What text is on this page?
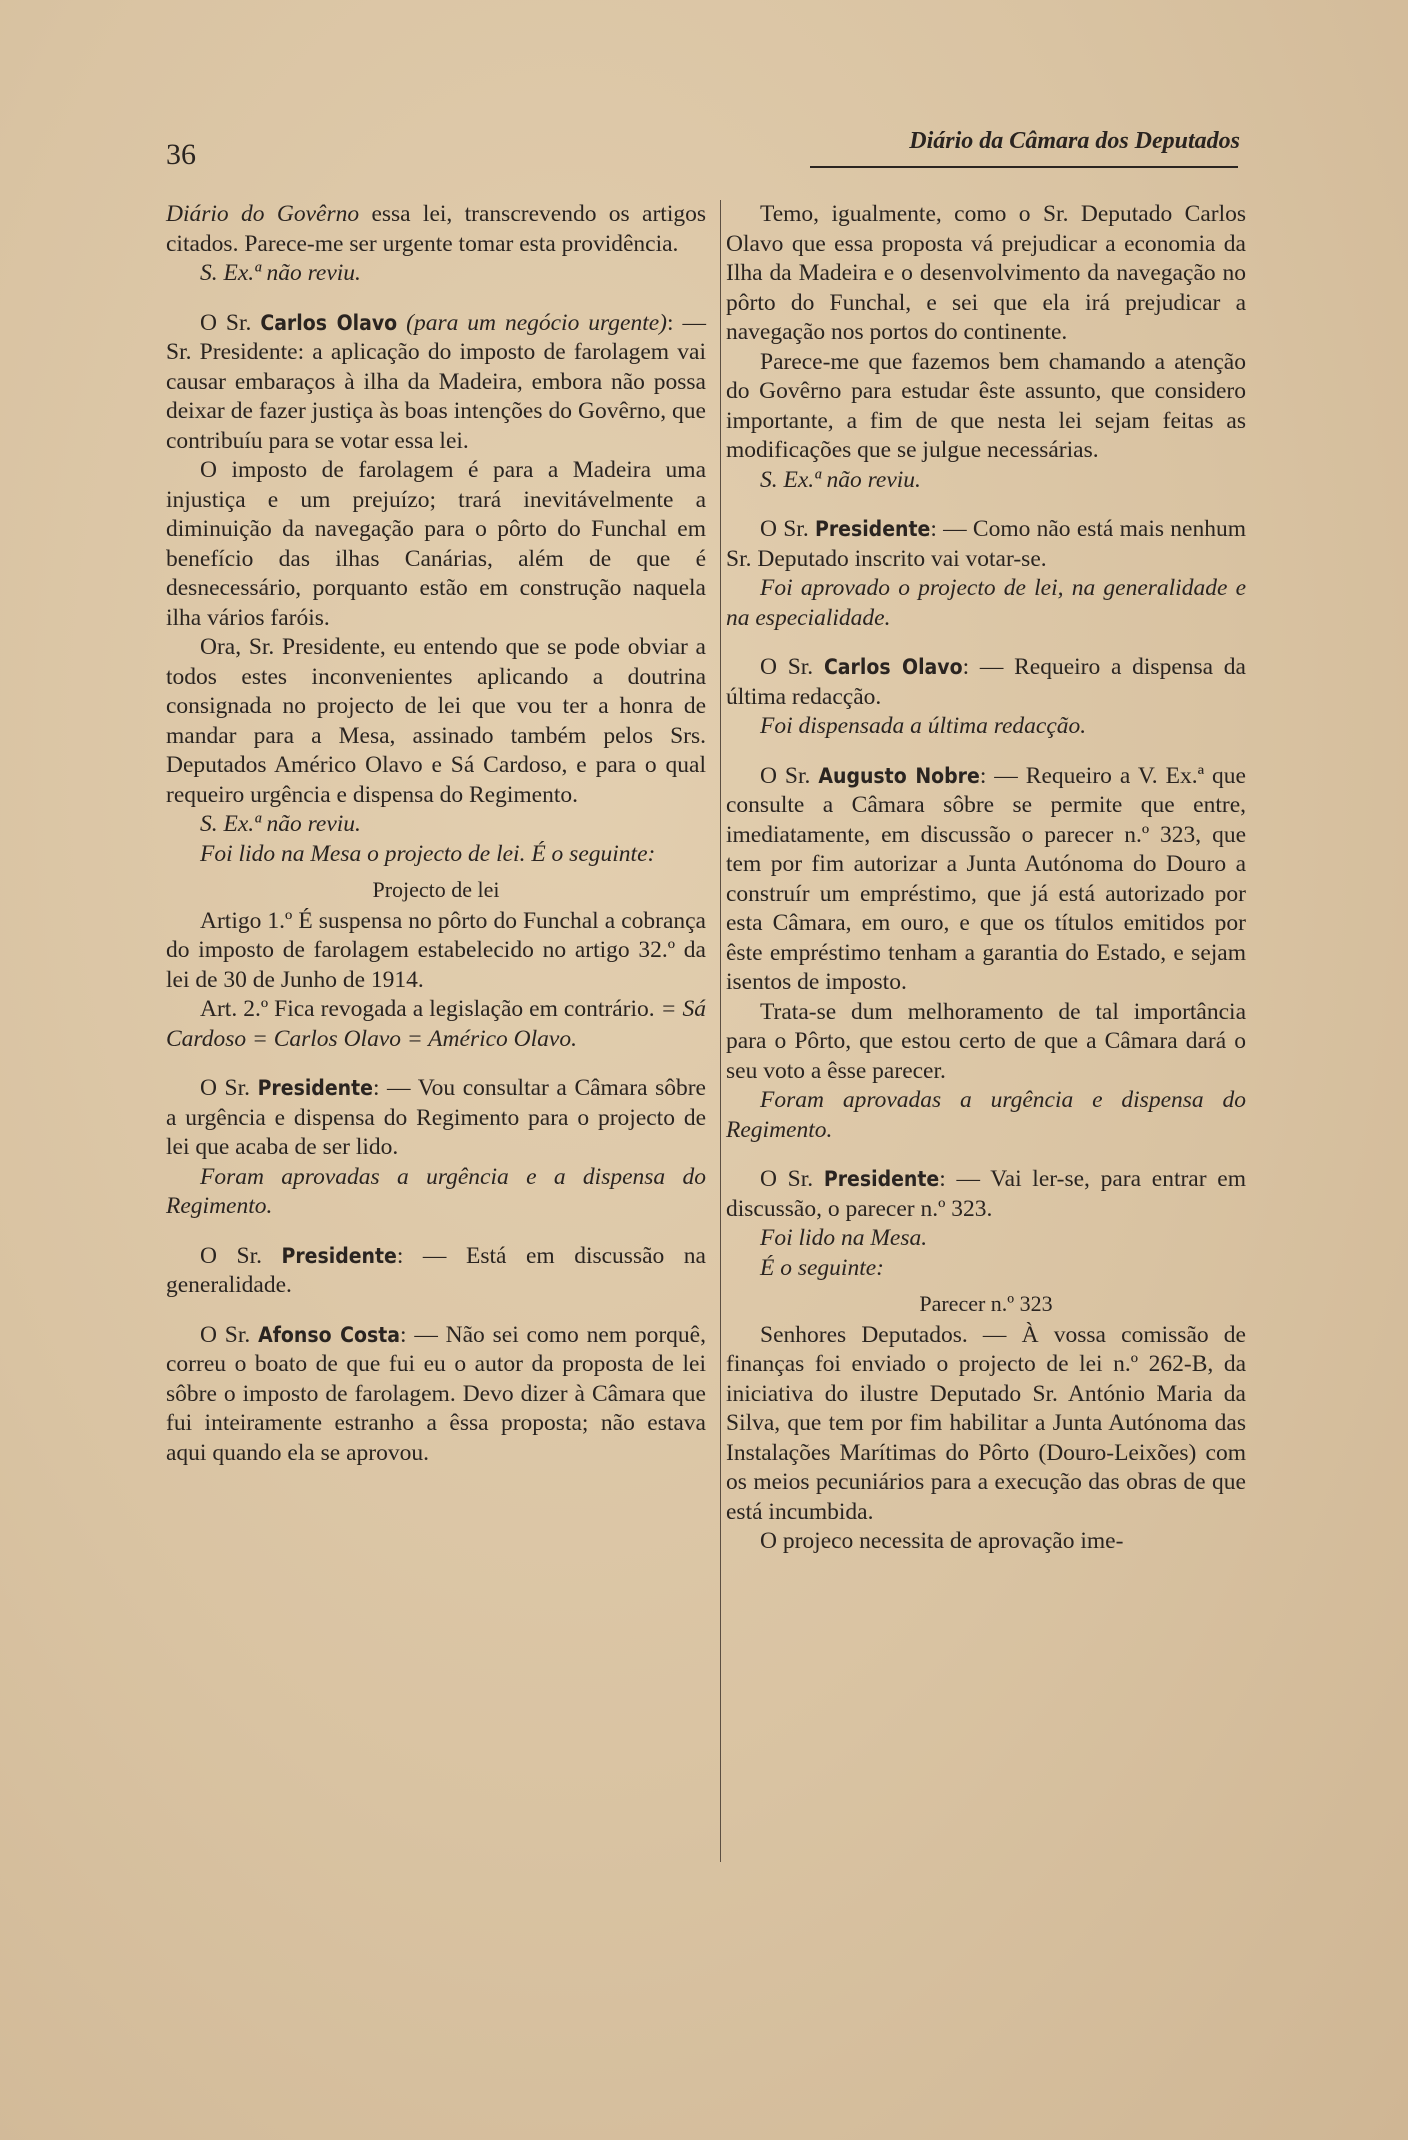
36	Diário da Câmara dos Deputados

Diário do Govêrno essa lei, transcrevendo os artigos citados. Parece-me ser urgente tomar esta providência.

S. Ex.ª não reviu.

O Sr. Carlos Olavo (para um negócio urgente): — Sr. Presidente: a aplicação do imposto de farolagem vai causar embaraços à ilha da Madeira, embora não possa deixar de fazer justiça às boas intenções do Govêrno, que contribuíu para se votar essa lei.

O imposto de farolagem é para a Madeira uma injustiça e um prejuízo; trará inevitávelmente a diminuição da navegação para o pôrto do Funchal em benefício das ilhas Canárias, além de que é desnecessário, porquanto estão em construção naquela ilha vários faróis.

Ora, Sr. Presidente, eu entendo que se pode obviar a todos estes inconvenientes aplicando a doutrina consignada no projecto de lei que vou ter a honra de mandar para a Mesa, assinado também pelos Srs. Deputados Américo Olavo e Sá Cardoso, e para o qual requeiro urgência e dispensa do Regimento.

S. Ex.ª não reviu.

Foi lido na Mesa o projecto de lei. É o seguinte:

Projecto de lei

Artigo 1.º É suspensa no pôrto do Funchal a cobrança do imposto de farolagem estabelecido no artigo 32.º da lei de 30 de Junho de 1914.

Art. 2.º Fica revogada a legislação em contrário. = Sá Cardoso = Carlos Olavo = Américo Olavo.

O Sr. Presidente: — Vou consultar a Câmara sôbre a urgência e dispensa do Regimento para o projecto de lei que acaba de ser lido.

Foram aprovadas a urgência e a dispensa do Regimento.

O Sr. Presidente: — Está em discussão na generalidade.

O Sr. Afonso Costa: — Não sei como nem porquê, correu o boato de que fui eu o autor da proposta de lei sôbre o imposto de farolagem. Devo dizer à Câmara que fui inteiramente estranho a êssa proposta; não estava aqui quando ela se aprovou.

Temo, igualmente, como o Sr. Deputado Carlos Olavo que essa proposta vá prejudicar a economia da Ilha da Madeira e o desenvolvimento da navegação no pôrto do Funchal, e sei que ela irá prejudicar a navegação nos portos do continente.

Parece-me que fazemos bem chamando a atenção do Govêrno para estudar êste assunto, que considero importante, a fim de que nesta lei sejam feitas as modificações que se julgue necessárias.

S. Ex.ª não reviu.

O Sr. Presidente: — Como não está mais nenhum Sr. Deputado inscrito vai votar-se.

Foi aprovado o projecto de lei, na generalidade e na especialidade.

O Sr. Carlos Olavo: — Requeiro a dispensa da última redacção.

Foi dispensada a última redacção.

O Sr. Augusto Nobre: — Requeiro a V. Ex.ª que consulte a Câmara sôbre se permite que entre, imediatamente, em discussão o parecer n.º 323, que tem por fim autorizar a Junta Autónoma do Douro a construír um empréstimo, que já está autorizado por esta Câmara, em ouro, e que os títulos emitidos por êste empréstimo tenham a garantia do Estado, e sejam isentos de imposto.

Trata-se dum melhoramento de tal importância para o Pôrto, que estou certo de que a Câmara dará o seu voto a êsse parecer.

Foram aprovadas a urgência e dispensa do Regimento.

O Sr. Presidente: — Vai ler-se, para entrar em discussão, o parecer n.º 323.

Foi lido na Mesa.

É o seguinte:

Parecer n.º 323

Senhores Deputados. — À vossa comissão de finanças foi enviado o projecto de lei n.º 262-B, da iniciativa do ilustre Deputado Sr. António Maria da Silva, que tem por fim habilitar a Junta Autónoma das Instalações Marítimas do Pôrto (Douro-Leixões) com os meios pecuniários para a execução das obras de que está incumbida.

O projeco necessita de aprovação ime-
